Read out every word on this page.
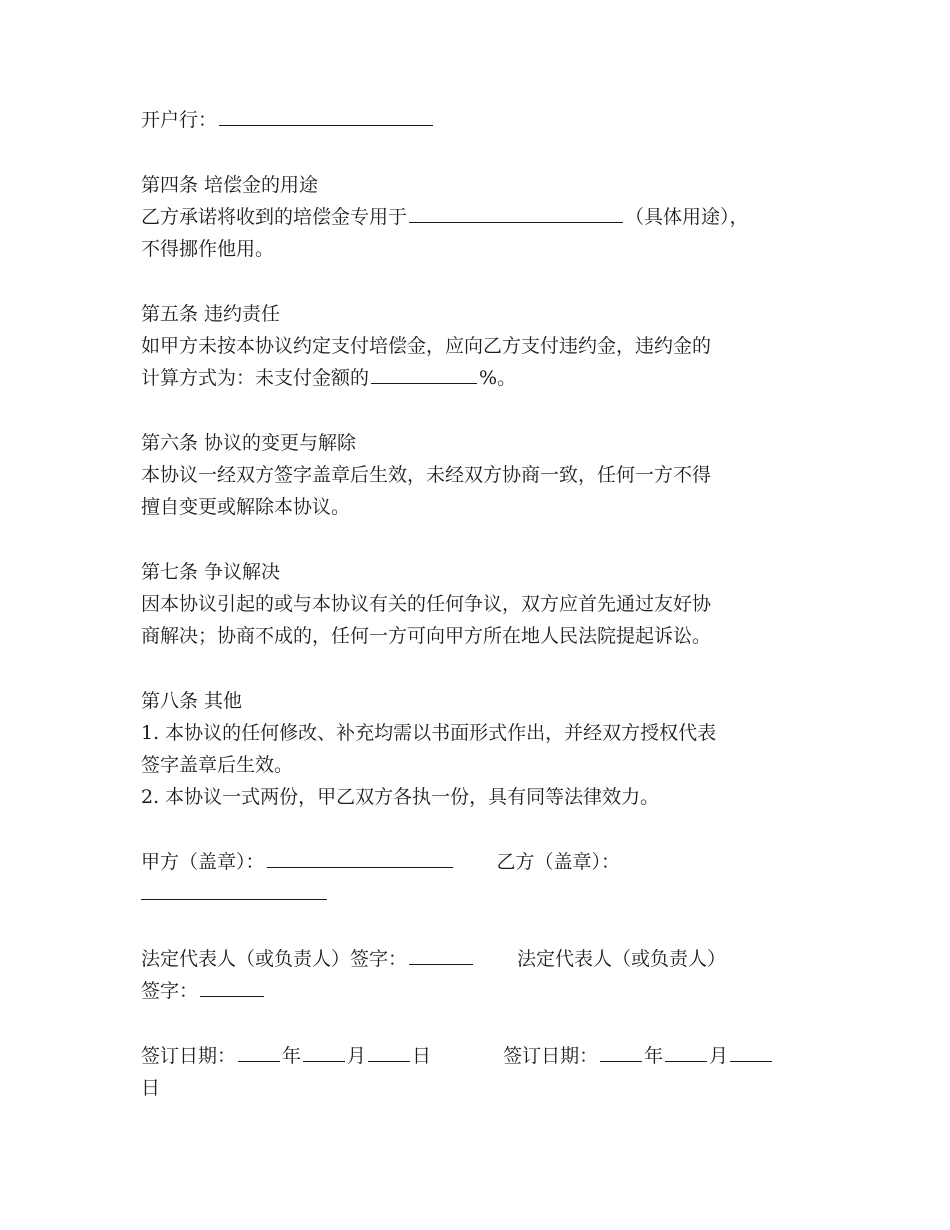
开户行：
第四条 培偿金的用途
乙方承诺将收到的培偿金专用于	（具体用途），
不得挪作他用。
第五条 违约责任
如甲方未按本协议约定支付培偿金，应向乙方支付违约金，违约金的
计算方式为：未支付金额的	%。
第六条 协议的变更与解除
本协议一经双方签字盖章后生效，未经双方协商一致，任何一方不得
擅自变更或解除本协议。
第七条 争议解决
因本协议引起的或与本协议有关的任何争议，双方应首先通过友好协
商解决；协商不成的，任何一方可向甲方所在地人民法院提起诉讼。
第八条 其他
1. 本协议的任何修改、补充均需以书面形式作出，并经双方授权代表
签字盖章后生效。
2. 本协议一式两份，甲乙双方各执一份，具有同等法律效力。
甲方（盖章）：	乙方（盖章）：
法定代表人（或负责人）签字：	法定代表人（或负责人）
签字：
签订日期： 年 月 日	签订日期： 年 月
日
